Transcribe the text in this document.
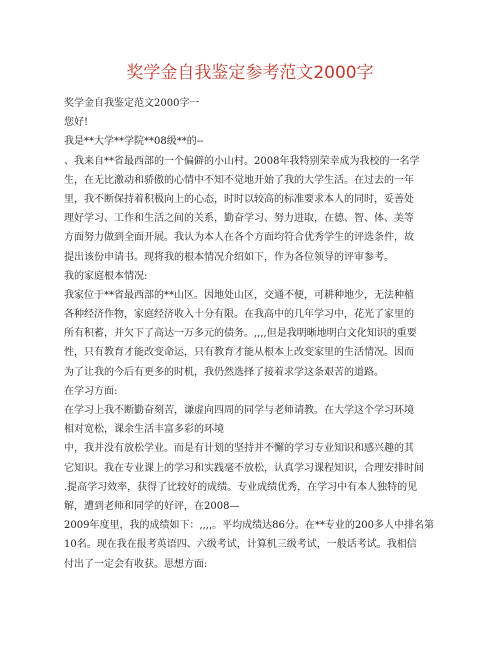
奖学金自我鉴定参考范文2000字
奖学金自我鉴定范文2000字一
您好!
我是**大学**学院**08级**的--
、我来自**省最西部的一个偏僻的小山村。2008年我特别荣幸成为我校的一名学
生，在无比激动和骄傲的心情中不知不觉地开始了我的大学生活。在过去的一年
里，我不断保持着积极向上的心态，时时以较高的标准要求本人的同时，妥善处
理好学习、工作和生活之间的关系，勤奋学习、努力进取，在德、智、体、美等
方面努力做到全面开展。我认为本人在各个方面均符合优秀学生的评选条件，故
提出该份申请书。现将我的根本情况介绍如下，作为各位领导的评审参考。
我的家庭根本情况:
我家位于**省最西部的**山区。因地处山区，交通不便，可耕种地少，无法种植
各种经济作物，家庭经济收入十分有限。在我高中的几年学习中，花光了家里的
所有积蓄，并欠下了高达一万多元的债务。,,,,但是我明晰地明白文化知识的重要
性，只有教育才能改变命运，只有教育才能从根本上改变家里的生活情况。因而
为了让我的今后有更多的时机，我仍然选择了接着求学这条艰苦的道路。
在学习方面:
在学习上我不断勤奋刻苦，谦虚向四周的同学与老师请教。在大学这个学习环境
相对宽松，课余生活丰富多彩的环境
中，我并没有放松学业。而是有计划的坚持并不懈的学习专业知识和感兴趣的其
它知识。我在专业课上的学习和实践毫不放松，认真学习课程知识，合理安排时间
.提高学习效率，获得了比较好的成绩。专业成绩优秀，在学习中有本人独特的见
解，遭到老师和同学的好评，在2008—
2009年度里，我的成绩如下：,,,,。平均成绩达86分。在**专业的200多人中排名第
10名。现在我在报考英语四、六级考试，计算机三级考试，一般话考试。我相信
付出了一定会有收获。思想方面:
